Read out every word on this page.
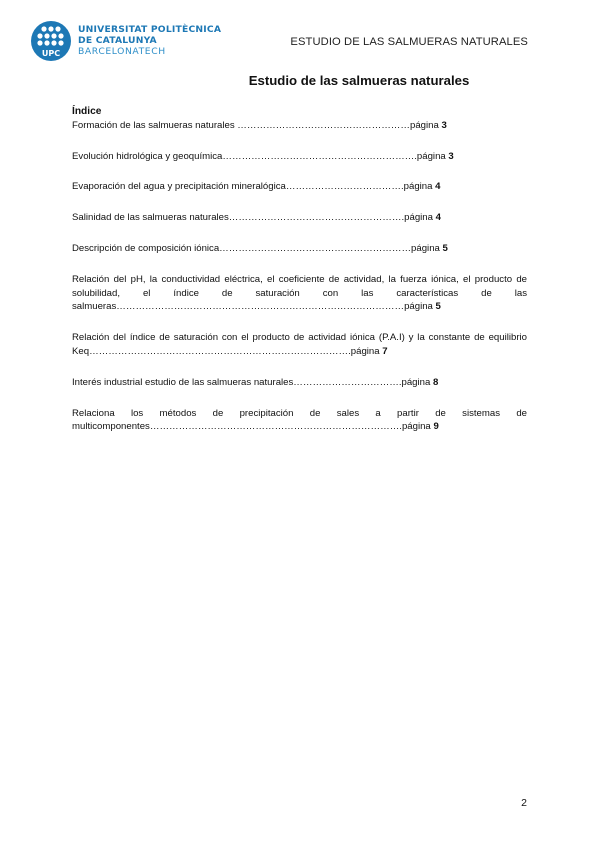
UPC
UNIVERSITAT POLITÈCNICA
DE CATALUNYA
BARCELONATECH
ESTUDIO DE LAS SALMUERAS NATURALES
Estudio de las salmueras naturales
Índice

Formación de las salmueras naturales ………………………………………………página 3

Evolución hidrológica y geoquímica…………………………………………………….página 3

Evaporación del agua y precipitación mineralógica……………………………….página 4

Salinidad de las salmueras naturales……………………………………………….página 4

Descripción de composición iónica……………………………………………………página 5

Relación del pH, la conductividad eléctrica, el coeficiente de actividad, la fuerza iónica, el producto de solubilidad, el índice de saturación con las características de las salmueras………………………………………………………………………………página 5

Relación del índice de saturación con el producto de actividad iónica (P.A.I) y la constante de equilibrio Keq……………………………………………………………………….página 7

Interés industrial estudio de las salmueras naturales…………………………….página 8

Relaciona los métodos de precipitación de sales a partir de sistemas de multicomponentes…………………………………………………………………….página 9

2
